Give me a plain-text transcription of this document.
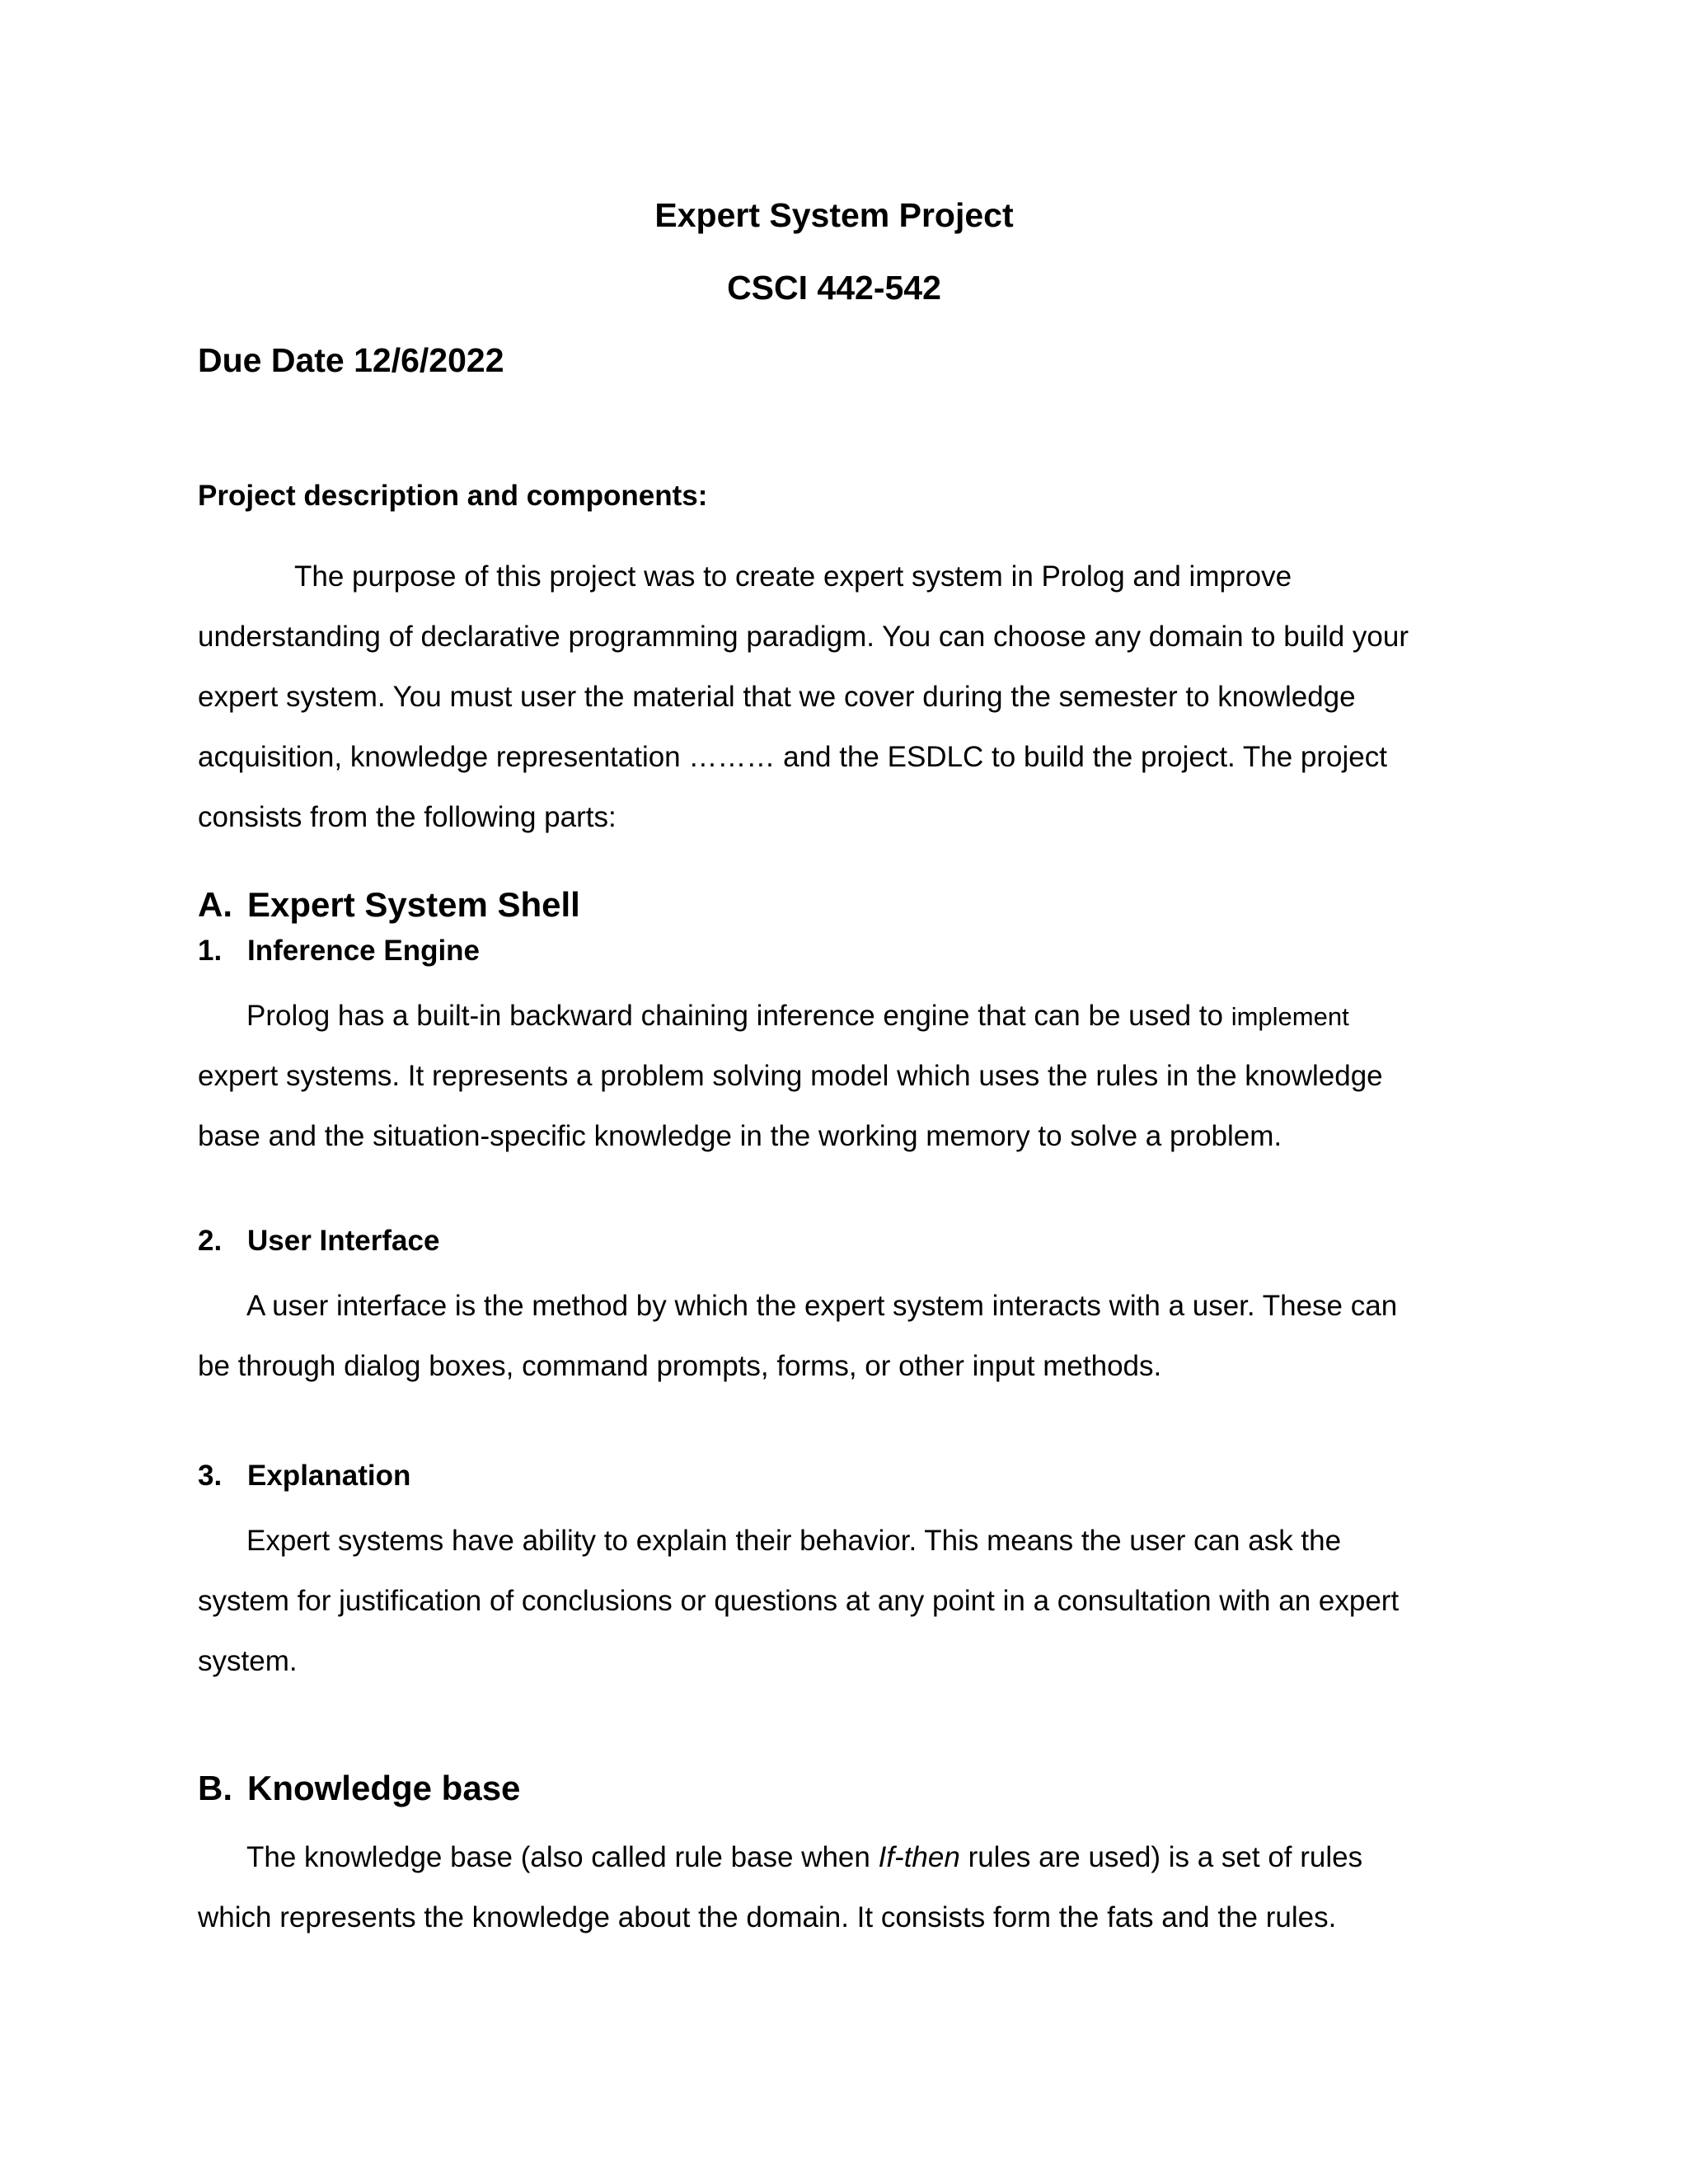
Expert System Project
CSCI 442-542
Due Date 12/6/2022
Project description and components:
The purpose of this project was to create expert system in Prolog and improve
understanding of declarative programming paradigm. You can choose any domain to build your
expert system. You must user the material that we cover during the semester to knowledge
acquisition, knowledge representation ……… and the ESDLC to build the project. The project
consists from the following parts:
A. Expert System Shell
1. Inference Engine
Prolog has a built-in backward chaining inference engine that can be used to implement
expert systems. It represents a problem solving model which uses the rules in the knowledge
base and the situation-specific knowledge in the working memory to solve a problem.
2. User Interface
A user interface is the method by which the expert system interacts with a user. These can
be through dialog boxes, command prompts, forms, or other input methods.
3. Explanation
Expert systems have ability to explain their behavior. This means the user can ask the
system for justification of conclusions or questions at any point in a consultation with an expert
system.
B. Knowledge base
The knowledge base (also called rule base when If-then rules are used) is a set of rules
which represents the knowledge about the domain. It consists form the fats and the rules.
